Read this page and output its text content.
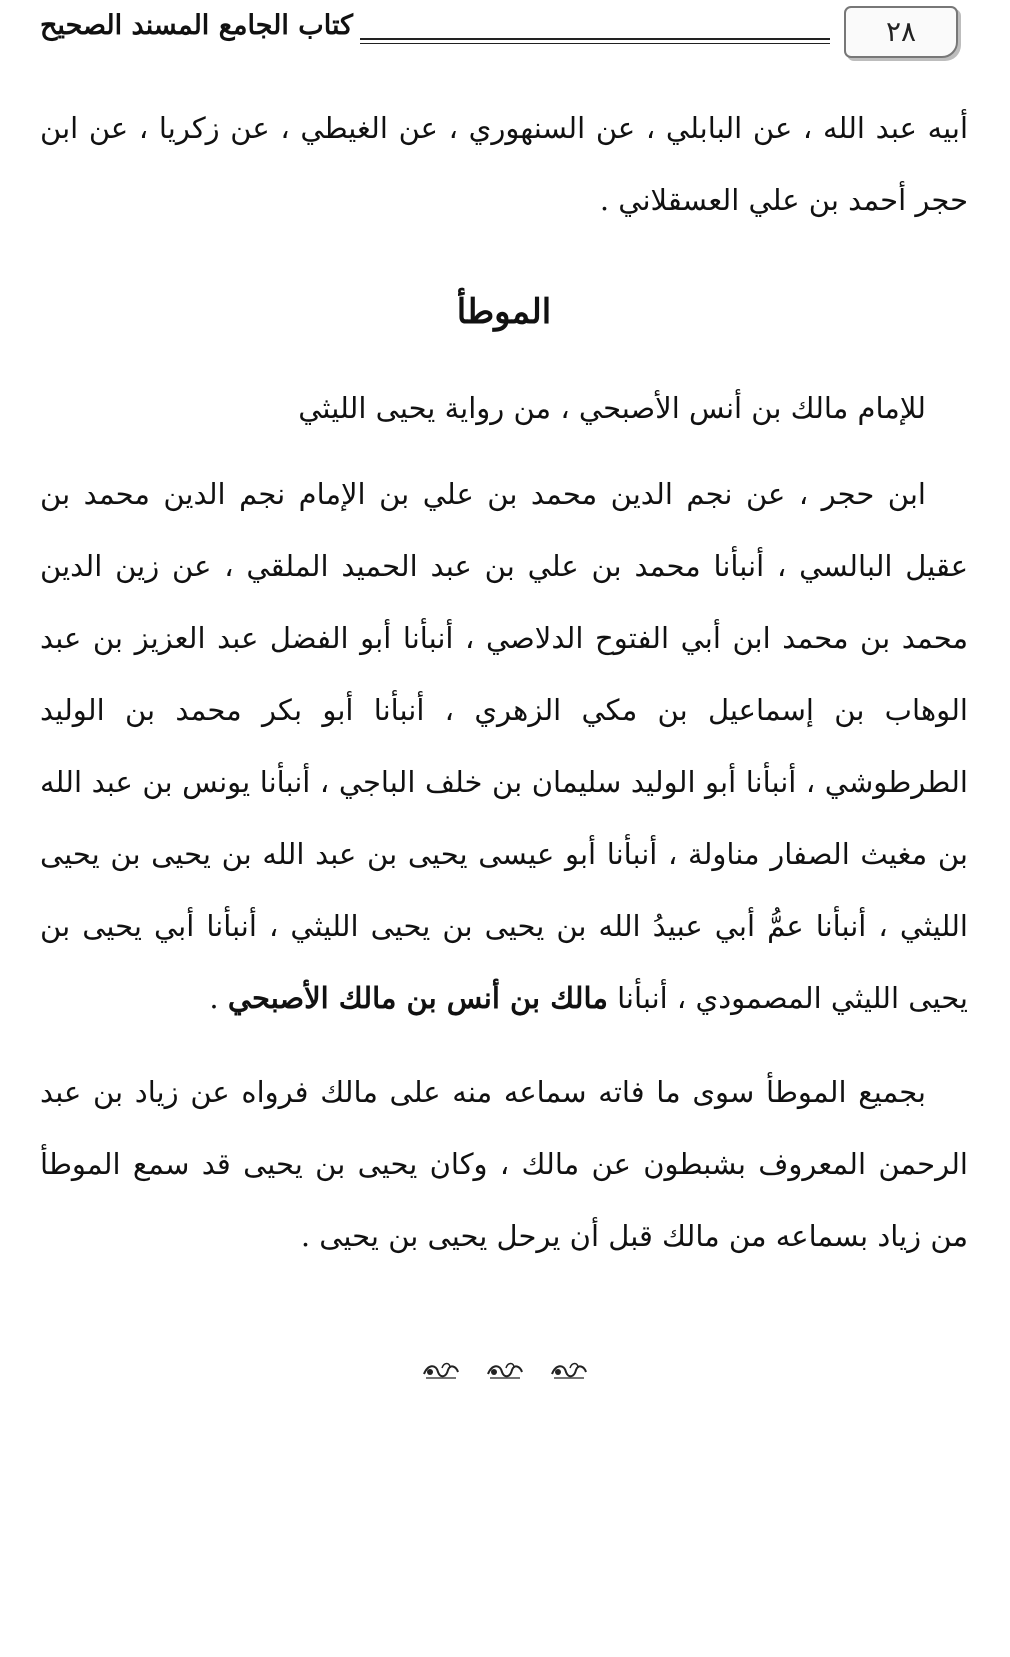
٢٨
كتاب الجامع المسند الصحيح

أبيه عبد الله ، عن البابلي ، عن السنهوري ، عن الغيطي ، عن زكريا ، عن ابن حجر أحمد بن علي العسقلاني .

الموطأ

للإمام مالك بن أنس الأصبحي ، من رواية يحيى الليثي

ابن حجر ، عن نجم الدين محمد بن علي بن الإمام نجم الدين محمد بن عقيل البالسي ، أنبأنا محمد بن علي بن عبد الحميد الملقي ، عن زين الدين محمد بن محمد ابن أبي الفتوح الدلاصي ، أنبأنا أبو الفضل عبد العزيز بن عبد الوهاب بن إسماعيل بن مكي الزهري ، أنبأنا أبو بكر محمد بن الوليد الطرطوشي ، أنبأنا أبو الوليد سليمان بن خلف الباجي ، أنبأنا يونس بن عبد الله بن مغيث الصفار مناولة ، أنبأنا أبو عيسى يحيى بن عبد الله بن يحيى بن يحيى الليثي ، أنبأنا عمُّ أبي عبيدُ الله بن يحيى بن يحيى الليثي ، أنبأنا أبي يحيى بن يحيى الليثي المصمودي ، أنبأنا مالك بن أنس بن مالك الأصبحي .

بجميع الموطأ سوى ما فاته سماعه منه على مالك فرواه عن زياد بن عبد الرحمن المعروف بشبطون عن مالك ، وكان يحيى بن يحيى قد سمع الموطأ من زياد بسماعه من مالك قبل أن يرحل يحيى بن يحيى .
